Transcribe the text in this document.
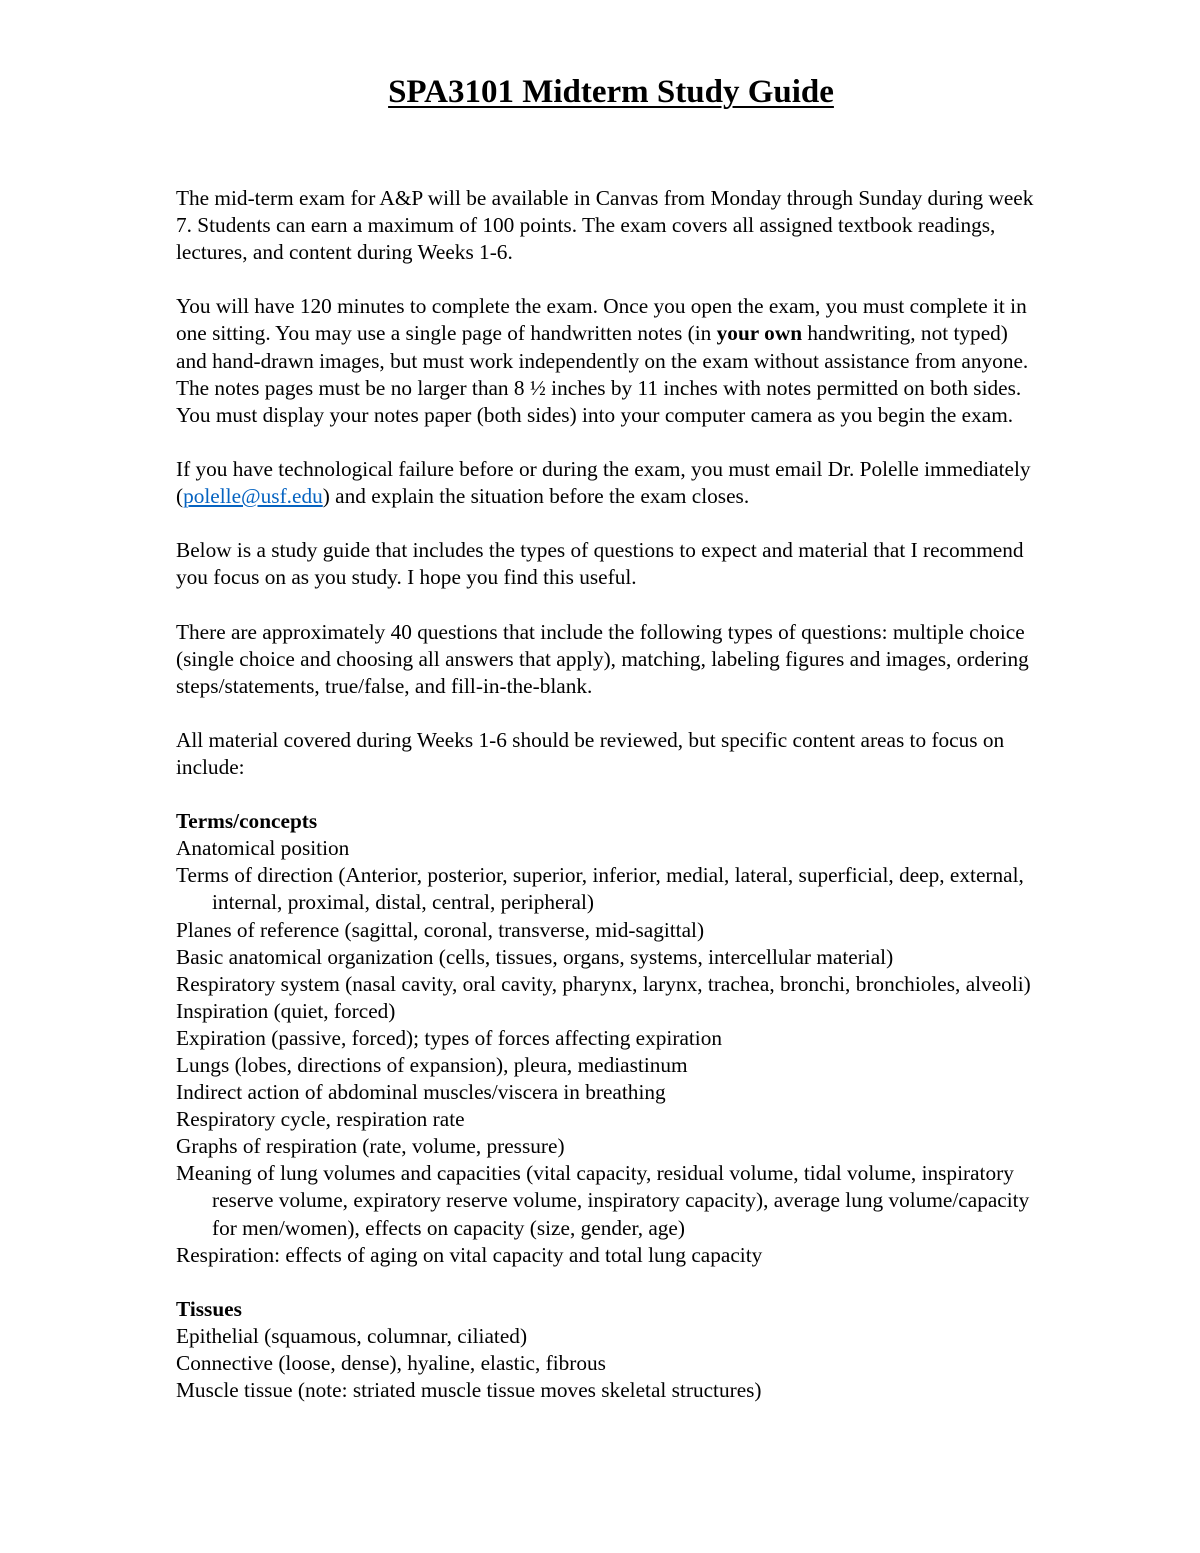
SPA3101 Midterm Study Guide

The mid-term exam for A&P will be available in Canvas from Monday through Sunday during week 7. Students can earn a maximum of 100 points. The exam covers all assigned textbook readings, lectures, and content during Weeks 1-6.

You will have 120 minutes to complete the exam. Once you open the exam, you must complete it in one sitting. You may use a single page of handwritten notes (in your own handwriting, not typed) and hand-drawn images, but must work independently on the exam without assistance from anyone. The notes pages must be no larger than 8 ½ inches by 11 inches with notes permitted on both sides. You must display your notes paper (both sides) into your computer camera as you begin the exam.

If you have technological failure before or during the exam, you must email Dr. Polelle immediately (polelle@usf.edu) and explain the situation before the exam closes.

Below is a study guide that includes the types of questions to expect and material that I recommend you focus on as you study. I hope you find this useful.

There are approximately 40 questions that include the following types of questions: multiple choice (single choice and choosing all answers that apply), matching, labeling figures and images, ordering steps/statements, true/false, and fill-in-the-blank.

All material covered during Weeks 1-6 should be reviewed, but specific content areas to focus on include:

Terms/concepts

Anatomical position
Terms of direction (Anterior, posterior, superior, inferior, medial, lateral, superficial, deep, external, internal, proximal, distal, central, peripheral)
Planes of reference (sagittal, coronal, transverse, mid-sagittal)
Basic anatomical organization (cells, tissues, organs, systems, intercellular material)
Respiratory system (nasal cavity, oral cavity, pharynx, larynx, trachea, bronchi, bronchioles, alveoli)
Inspiration (quiet, forced)
Expiration (passive, forced); types of forces affecting expiration
Lungs (lobes, directions of expansion), pleura, mediastinum
Indirect action of abdominal muscles/viscera in breathing
Respiratory cycle, respiration rate
Graphs of respiration (rate, volume, pressure)
Meaning of lung volumes and capacities (vital capacity, residual volume, tidal volume, inspiratory reserve volume, expiratory reserve volume, inspiratory capacity), average lung volume/capacity for men/women), effects on capacity (size, gender, age)
Respiration: effects of aging on vital capacity and total lung capacity

Tissues

Epithelial (squamous, columnar, ciliated)
Connective (loose, dense), hyaline, elastic, fibrous
Muscle tissue (note: striated muscle tissue moves skeletal structures)
